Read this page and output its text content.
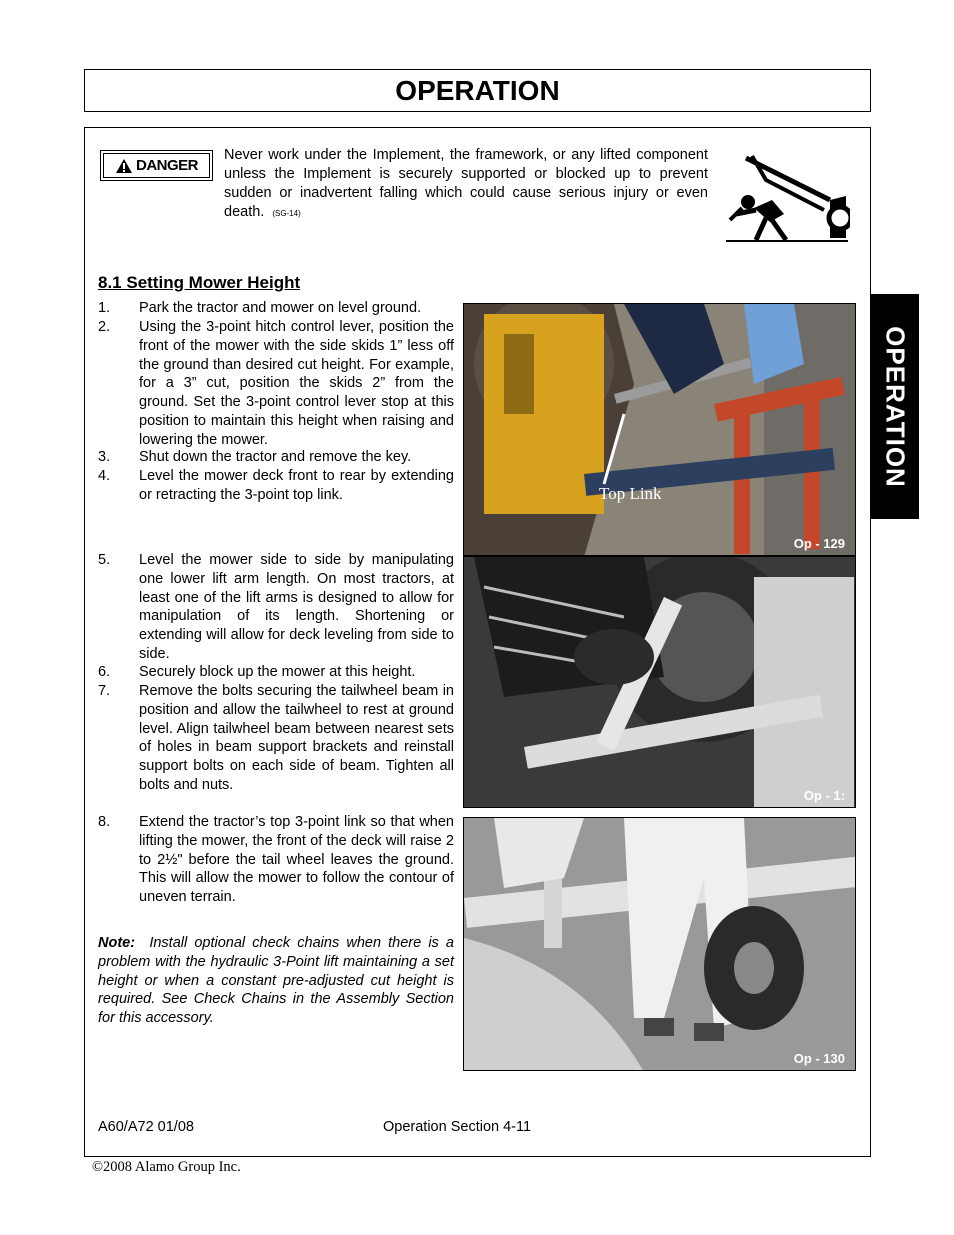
OPERATION
DANGER
Never work under the Implement, the framework, or any lifted component unless the Implement is securely supported or blocked up to prevent sudden or inadvertent falling which could cause serious injury or even death. (SG-14)
8.1 Setting Mower Height
1. Park the tractor and mower on level ground.
2. Using the 3-point hitch control lever, position the front of the mower with the side skids 1” less off the ground than desired cut height. For example, for a 3” cut, position the skids 2” from the ground. Set the 3-point control lever stop at this position to maintain this height when raising and lowering the mower.
3. Shut down the tractor and remove the key.
4. Level the mower deck front to rear by extending or retracting the 3-point top link.
5. Level the mower side to side by manipulating one lower lift arm length. On most tractors, at least one of the lift arms is designed to allow for manipulation of its length. Shortening or extending will allow for deck leveling from side to side.
6. Securely block up the mower at this height.
7. Remove the bolts securing the tailwheel beam in position and allow the tailwheel to rest at ground level. Align tailwheel beam between nearest sets of holes in beam support brackets and reinstall support bolts on each side of beam. Tighten all bolts and nuts.
8. Extend the tractor’s top 3-point link so that when lifting the mower, the front of the deck will raise 2 to 2½" before the tail wheel leaves the ground. This will allow the mower to follow the contour of uneven terrain.
Note: Install optional check chains when there is a problem with the hydraulic 3-Point lift maintaining a set height or when a constant pre-adjusted cut height is required. See Check Chains in the Assembly Section for this accessory.
Top Link
Op - 129
Op - 1:
Op - 130
OPERATION
A60/A72 01/08	Operation Section 4-11
©2008 Alamo Group Inc.
